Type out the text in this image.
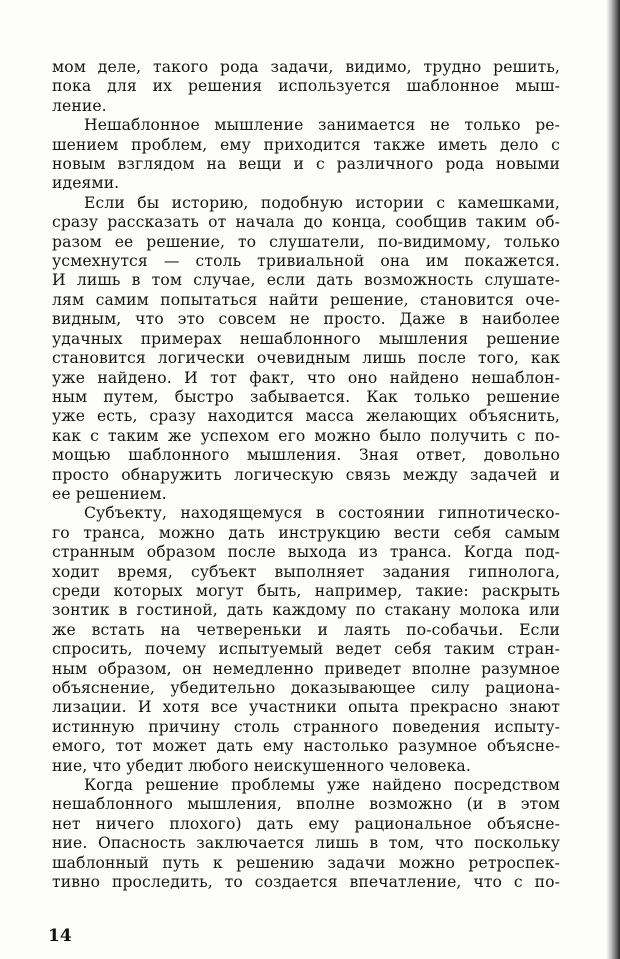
мом деле, такого рода задачи, видимо, трудно решить,
пока для их решения используется шаблонное мыш-
ление.

Нешаблонное мышление занимается не только ре-
шением проблем, ему приходится также иметь дело с
новым взглядом на вещи и с различного рода новыми
идеями.

Если бы историю, подобную истории с камешками,
сразу рассказать от начала до конца, сообщив таким об-
разом ее решение, то слушатели, по-видимому, только
усмехнутся — столь тривиальной она им покажется.
И лишь в том случае, если дать возможность слушате-
лям самим попытаться найти решение, становится оче-
видным, что это совсем не просто. Даже в наиболее
удачных примерах нешаблонного мышления решение
становится логически очевидным лишь после того, как
уже найдено. И тот факт, что оно найдено нешаблон-
ным путем, быстро забывается. Как только решение
уже есть, сразу находится масса желающих объяснить,
как с таким же успехом его можно было получить с по-
мощью шаблонного мышления. Зная ответ, довольно
просто обнаружить логическую связь между задачей и
ее решением.

Субъекту, находящемуся в состоянии гипнотическо-
го транса, можно дать инструкцию вести себя самым
странным образом после выхода из транса. Когда под-
ходит время, субъект выполняет задания гипнолога,
среди которых могут быть, например, такие: раскрыть
зонтик в гостиной, дать каждому по стакану молока или
же встать на четвереньки и лаять по-собачьи. Если
спросить, почему испытуемый ведет себя таким стран-
ным образом, он немедленно приведет вполне разумное
объяснение, убедительно доказывающее силу рациона-
лизации. И хотя все участники опыта прекрасно знают
истинную причину столь странного поведения испыту-
емого, тот может дать ему настолько разумное объясне-
ние, что убедит любого неискушенного человека.

Когда решение проблемы уже найдено посредством
нешаблонного мышления, вполне возможно (и в этом
нет ничего плохого) дать ему рациональное объясне-
ние. Опасность заключается лишь в том, что поскольку
шаблонный путь к решению задачи можно ретроспек-
тивно проследить, то создается впечатление, что с по-

14
